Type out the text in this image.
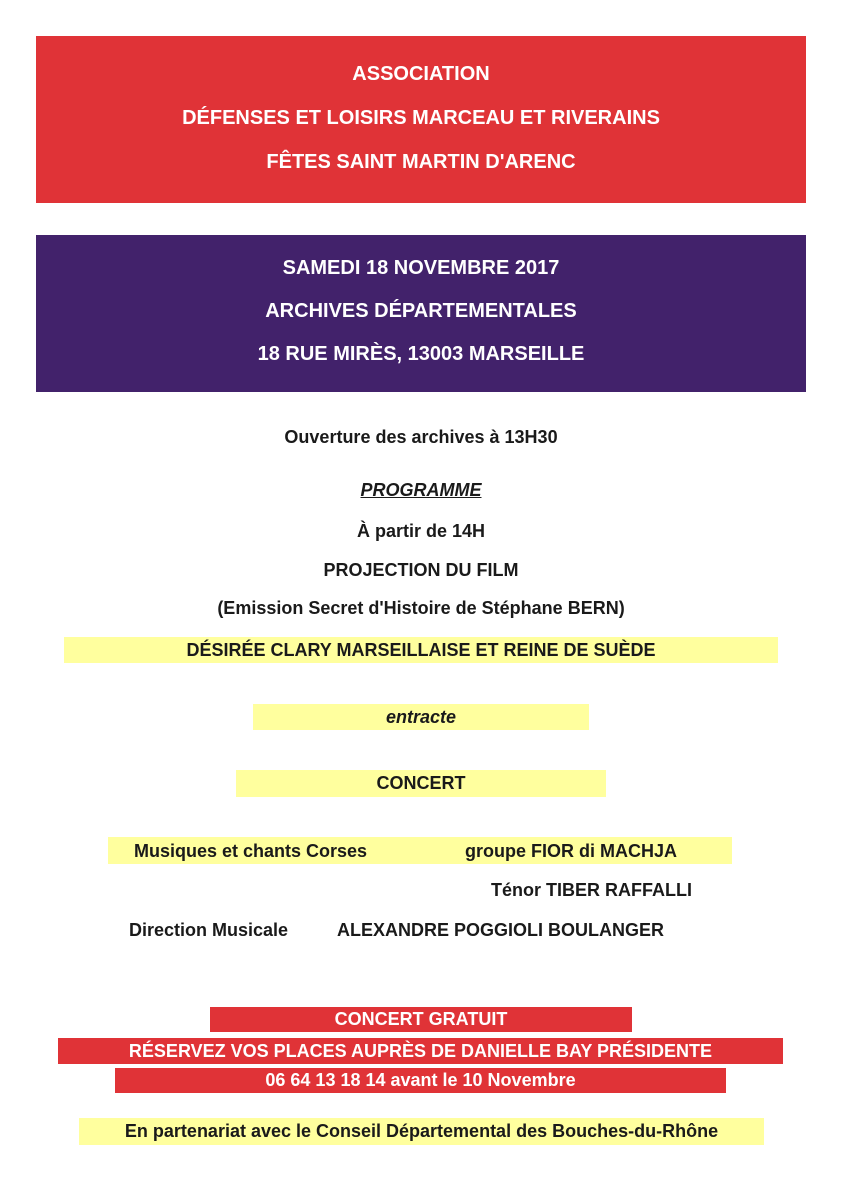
ASSOCIATION
DÉFENSES ET LOISIRS MARCEAU ET RIVERAINS
FÊTES SAINT MARTIN D'ARENC
SAMEDI 18 NOVEMBRE 2017
ARCHIVES DÉPARTEMENTALES
18 RUE MIRÈS, 13003 MARSEILLE
Ouverture des archives à 13H30
PROGRAMME
À partir de 14H
PROJECTION DU FILM
(Emission Secret d'Histoire de Stéphane BERN)
DÉSIRÉE CLARY MARSEILLAISE ET REINE DE SUÈDE
entracte
CONCERT
Musiques et chants Corses	groupe FIOR di MACHJA
Ténor TIBER RAFFALLI
Direction Musicale	ALEXANDRE POGGIOLI BOULANGER
CONCERT GRATUIT
RÉSERVEZ VOS PLACES AUPRÈS DE DANIELLE BAY PRÉSIDENTE
06 64 13 18 14 avant le 10 Novembre
En partenariat avec le Conseil Départemental des Bouches-du-Rhône
